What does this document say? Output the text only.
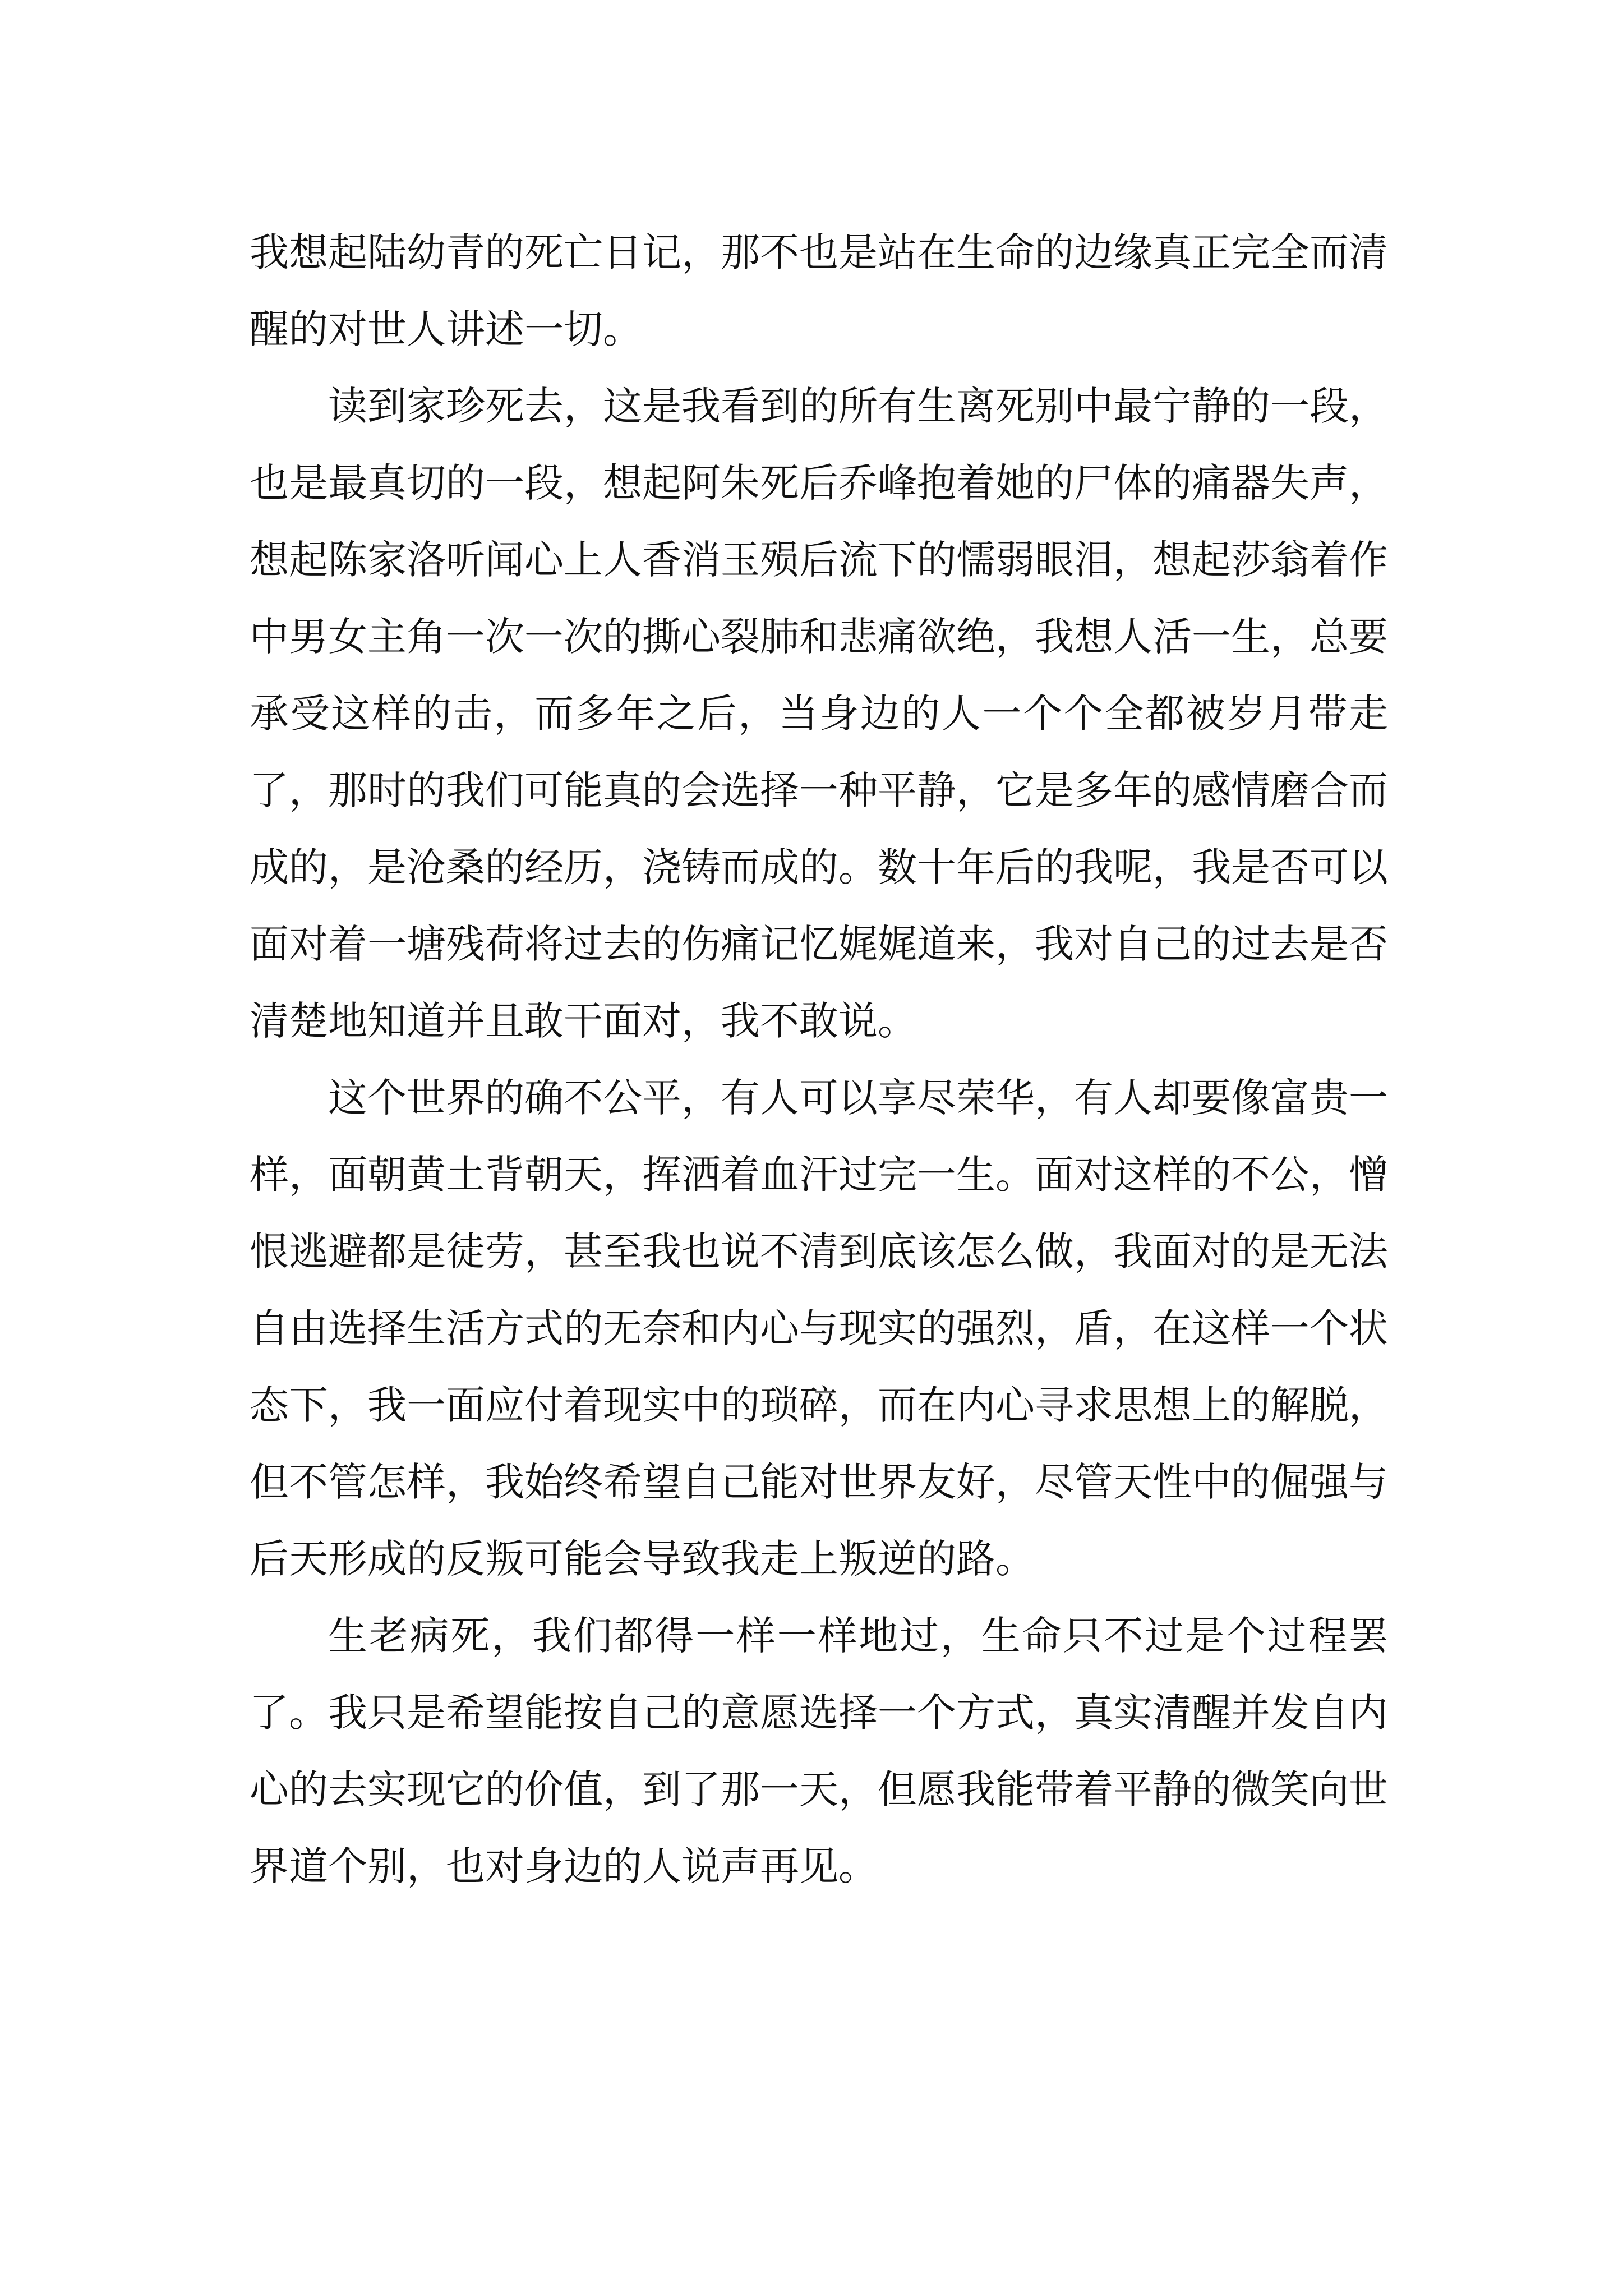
我想起陆幼青的死亡日记，那不也是站在生命的边缘真正完全而清醒的对世人讲述一切。

读到家珍死去，这是我看到的所有生离死别中最宁静的一段，也是最真切的一段，想起阿朱死后乔峰抱着她的尸体的痛器失声，想起陈家洛听闻心上人香消玉殒后流下的懦弱眼泪，想起莎翁着作中男女主角一次一次的撕心裂肺和悲痛欲绝，我想人活一生，总要承受这样的击，而多年之后，当身边的人一个个全都被岁月带走了，那时的我们可能真的会选择一种平静，它是多年的感情磨合而成的，是沧桑的经历，浇铸而成的。数十年后的我呢，我是否可以面对着一塘残荷将过去的伤痛记忆娓娓道来，我对自己的过去是否清楚地知道并且敢干面对，我不敢说。

这个世界的确不公平，有人可以享尽荣华，有人却要像富贵一样，面朝黄土背朝天，挥洒着血汗过完一生。面对这样的不公，憎恨逃避都是徒劳，甚至我也说不清到底该怎么做，我面对的是无法自由选择生活方式的无奈和内心与现实的强烈，盾，在这样一个状态下，我一面应付着现实中的琐碎，而在内心寻求思想上的解脱，但不管怎样，我始终希望自己能对世界友好，尽管天性中的倔强与后天形成的反叛可能会导致我走上叛逆的路。

生老病死，我们都得一样一样地过，生命只不过是个过程罢了。我只是希望能按自己的意愿选择一个方式，真实清醒并发自内心的去实现它的价值，到了那一天，但愿我能带着平静的微笑向世界道个别，也对身边的人说声再见。
